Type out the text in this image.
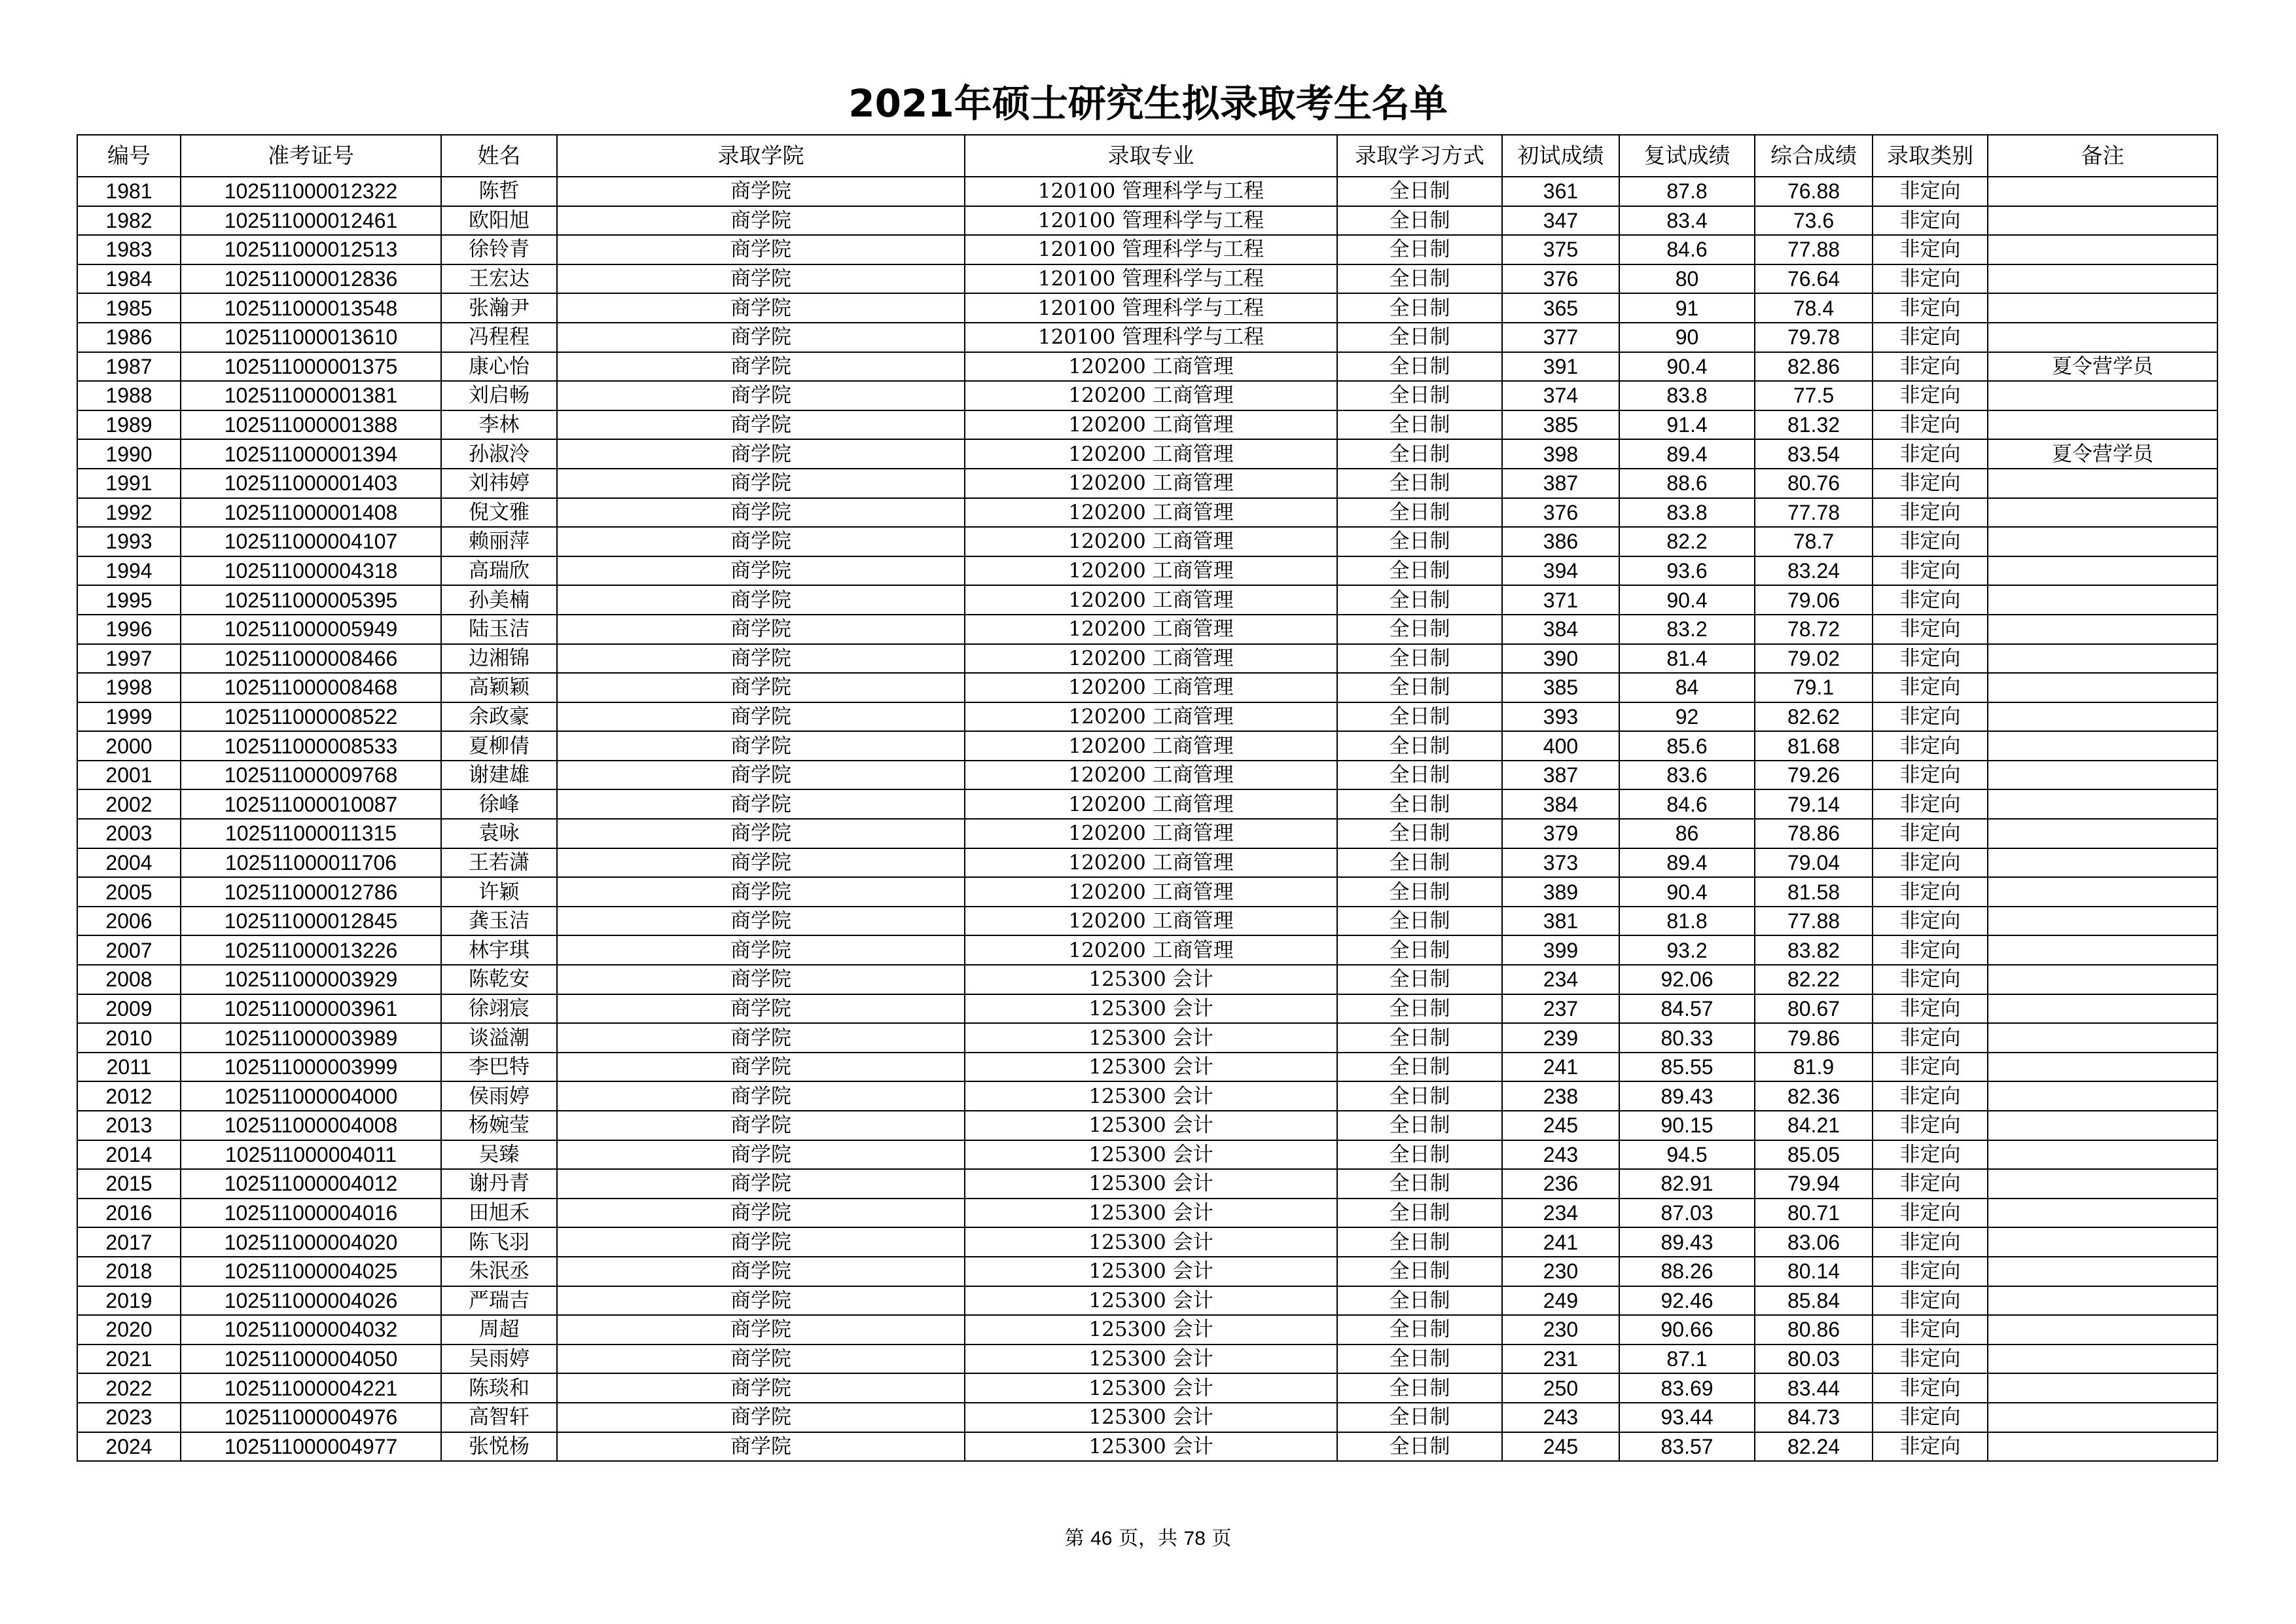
2021年硕士研究生拟录取考生名单
编号	准考证号	姓名	录取学院	录取专业	录取学习方式	初试成绩	复试成绩	综合成绩	录取类别	备注
1981	102511000012322	陈哲	商学院	120100 管理科学与工程	全日制	361	87.8	76.88	非定向	
1982	102511000012461	欧阳旭	商学院	120100 管理科学与工程	全日制	347	83.4	73.6	非定向	
1983	102511000012513	徐铃青	商学院	120100 管理科学与工程	全日制	375	84.6	77.88	非定向	
1984	102511000012836	王宏达	商学院	120100 管理科学与工程	全日制	376	80	76.64	非定向	
1985	102511000013548	张瀚尹	商学院	120100 管理科学与工程	全日制	365	91	78.4	非定向	
1986	102511000013610	冯程程	商学院	120100 管理科学与工程	全日制	377	90	79.78	非定向	
1987	102511000001375	康心怡	商学院	120200 工商管理	全日制	391	90.4	82.86	非定向	夏令营学员
1988	102511000001381	刘启畅	商学院	120200 工商管理	全日制	374	83.8	77.5	非定向	
1989	102511000001388	李林	商学院	120200 工商管理	全日制	385	91.4	81.32	非定向	
1990	102511000001394	孙淑泠	商学院	120200 工商管理	全日制	398	89.4	83.54	非定向	夏令营学员
1991	102511000001403	刘祎婷	商学院	120200 工商管理	全日制	387	88.6	80.76	非定向	
1992	102511000001408	倪文雅	商学院	120200 工商管理	全日制	376	83.8	77.78	非定向	
1993	102511000004107	赖丽萍	商学院	120200 工商管理	全日制	386	82.2	78.7	非定向	
1994	102511000004318	高瑞欣	商学院	120200 工商管理	全日制	394	93.6	83.24	非定向	
1995	102511000005395	孙美楠	商学院	120200 工商管理	全日制	371	90.4	79.06	非定向	
1996	102511000005949	陆玉洁	商学院	120200 工商管理	全日制	384	83.2	78.72	非定向	
1997	102511000008466	边湘锦	商学院	120200 工商管理	全日制	390	81.4	79.02	非定向	
1998	102511000008468	高颖颖	商学院	120200 工商管理	全日制	385	84	79.1	非定向	
1999	102511000008522	余政豪	商学院	120200 工商管理	全日制	393	92	82.62	非定向	
2000	102511000008533	夏柳倩	商学院	120200 工商管理	全日制	400	85.6	81.68	非定向	
2001	102511000009768	谢建雄	商学院	120200 工商管理	全日制	387	83.6	79.26	非定向	
2002	102511000010087	徐峰	商学院	120200 工商管理	全日制	384	84.6	79.14	非定向	
2003	102511000011315	袁咏	商学院	120200 工商管理	全日制	379	86	78.86	非定向	
2004	102511000011706	王若潇	商学院	120200 工商管理	全日制	373	89.4	79.04	非定向	
2005	102511000012786	许颖	商学院	120200 工商管理	全日制	389	90.4	81.58	非定向	
2006	102511000012845	龚玉洁	商学院	120200 工商管理	全日制	381	81.8	77.88	非定向	
2007	102511000013226	林宇琪	商学院	120200 工商管理	全日制	399	93.2	83.82	非定向	
2008	102511000003929	陈乾安	商学院	125300 会计	全日制	234	92.06	82.22	非定向	
2009	102511000003961	徐翊宸	商学院	125300 会计	全日制	237	84.57	80.67	非定向	
2010	102511000003989	谈溢潮	商学院	125300 会计	全日制	239	80.33	79.86	非定向	
2011	102511000003999	李巴特	商学院	125300 会计	全日制	241	85.55	81.9	非定向	
2012	102511000004000	侯雨婷	商学院	125300 会计	全日制	238	89.43	82.36	非定向	
2013	102511000004008	杨婉莹	商学院	125300 会计	全日制	245	90.15	84.21	非定向	
2014	102511000004011	吴臻	商学院	125300 会计	全日制	243	94.5	85.05	非定向	
2015	102511000004012	谢丹青	商学院	125300 会计	全日制	236	82.91	79.94	非定向	
2016	102511000004016	田旭禾	商学院	125300 会计	全日制	234	87.03	80.71	非定向	
2017	102511000004020	陈飞羽	商学院	125300 会计	全日制	241	89.43	83.06	非定向	
2018	102511000004025	朱泯丞	商学院	125300 会计	全日制	230	88.26	80.14	非定向	
2019	102511000004026	严瑞吉	商学院	125300 会计	全日制	249	92.46	85.84	非定向	
2020	102511000004032	周超	商学院	125300 会计	全日制	230	90.66	80.86	非定向	
2021	102511000004050	吴雨婷	商学院	125300 会计	全日制	231	87.1	80.03	非定向	
2022	102511000004221	陈琰和	商学院	125300 会计	全日制	250	83.69	83.44	非定向	
2023	102511000004976	高智轩	商学院	125300 会计	全日制	243	93.44	84.73	非定向	
2024	102511000004977	张悦杨	商学院	125300 会计	全日制	245	83.57	82.24	非定向	
第 46 页，共 78 页
